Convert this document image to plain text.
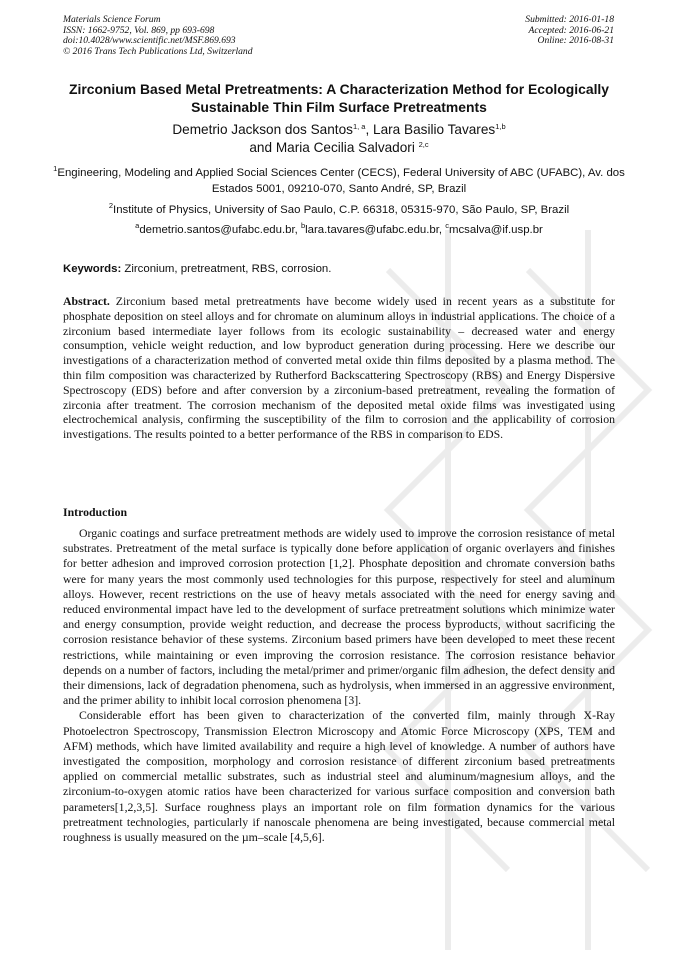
Materials Science Forum
ISSN: 1662-9752, Vol. 869, pp 693-698
doi:10.4028/www.scientific.net/MSF.869.693
© 2016 Trans Tech Publications Ltd, Switzerland
Submitted: 2016-01-18
Accepted: 2016-06-21
Online: 2016-08-31
Zirconium Based Metal Pretreatments: A Characterization Method for Ecologically Sustainable Thin Film Surface Pretreatments
Demetrio Jackson dos Santos$^{1, a}$, Lara Basilio Tavares$^{1,b}$
and Maria Cecilia Salvadori $^{2,c}$
$^1$Engineering, Modeling and Applied Social Sciences Center (CECS), Federal University of ABC (UFABC), Av. dos Estados 5001, 09210-070, Santo André, SP, Brazil
$^2$Institute of Physics, University of Sao Paulo, C.P. 66318, 05315-970, São Paulo, SP, Brazil
$^a$demetrio.santos@ufabc.edu.br, $^b$lara.tavares@ufabc.edu.br, $^c$mcsalva@if.usp.br
Keywords: Zirconium, pretreatment, RBS, corrosion.
Abstract. Zirconium based metal pretreatments have become widely used in recent years as a substitute for phosphate deposition on steel alloys and for chromate on aluminum alloys in industrial applications. The choice of a zirconium based intermediate layer follows from its ecologic sustainability – decreased water and energy consumption, vehicle weight reduction, and low byproduct generation during processing. Here we describe our investigations of a characterization method of converted metal oxide thin films deposited by a plasma method. The thin film composition was characterized by Rutherford Backscattering Spectroscopy (RBS) and Energy Dispersive Spectroscopy (EDS) before and after conversion by a zirconium-based pretreatment, revealing the formation of zirconia after treatment. The corrosion mechanism of the deposited metal oxide films was investigated using electrochemical analysis, confirming the susceptibility of the film to corrosion and the applicability of corrosion investigations. The results pointed to a better performance of the RBS in comparison to EDS.
Introduction

Organic coatings and surface pretreatment methods are widely used to improve the corrosion resistance of metal substrates. Pretreatment of the metal surface is typically done before application of organic overlayers and finishes for better adhesion and improved corrosion protection [1,2]. Phosphate deposition and chromate conversion baths were for many years the most commonly used technologies for this purpose, respectively for steel and aluminum alloys. However, recent restrictions on the use of heavy metals associated with the need for energy saving and reduced environmental impact have led to the development of surface pretreatment solutions which minimize water and energy consumption, provide weight reduction, and decrease the process byproducts, without sacrificing the corrosion resistance behavior of these systems. Zirconium based primers have been developed to meet these recent restrictions, while maintaining or even improving the corrosion resistance. The corrosion resistance behavior depends on a number of factors, including the metal/primer and primer/organic film adhesion, the defect density and their dimensions, lack of degradation phenomena, such as hydrolysis, when immersed in an aggressive environment, and the primer ability to inhibit local corrosion phenomena [3].

Considerable effort has been given to characterization of the converted film, mainly through X-Ray Photoelectron Spectroscopy, Transmission Electron Microscopy and Atomic Force Microscopy (XPS, TEM and AFM) methods, which have limited availability and require a high level of knowledge. A number of authors have investigated the composition, morphology and corrosion resistance of different zirconium based pretreatments applied on commercial metallic substrates, such as industrial steel and aluminum/magnesium alloys, and the zirconium-to-oxygen atomic ratios have been characterized for various surface composition and conversion bath parameters[1,2,3,5]. Surface roughness plays an important role on film formation dynamics for the various pretreatment technologies, particularly if nanoscale phenomena are being investigated, because commercial metal roughness is usually measured on the µm–scale [4,5,6].
